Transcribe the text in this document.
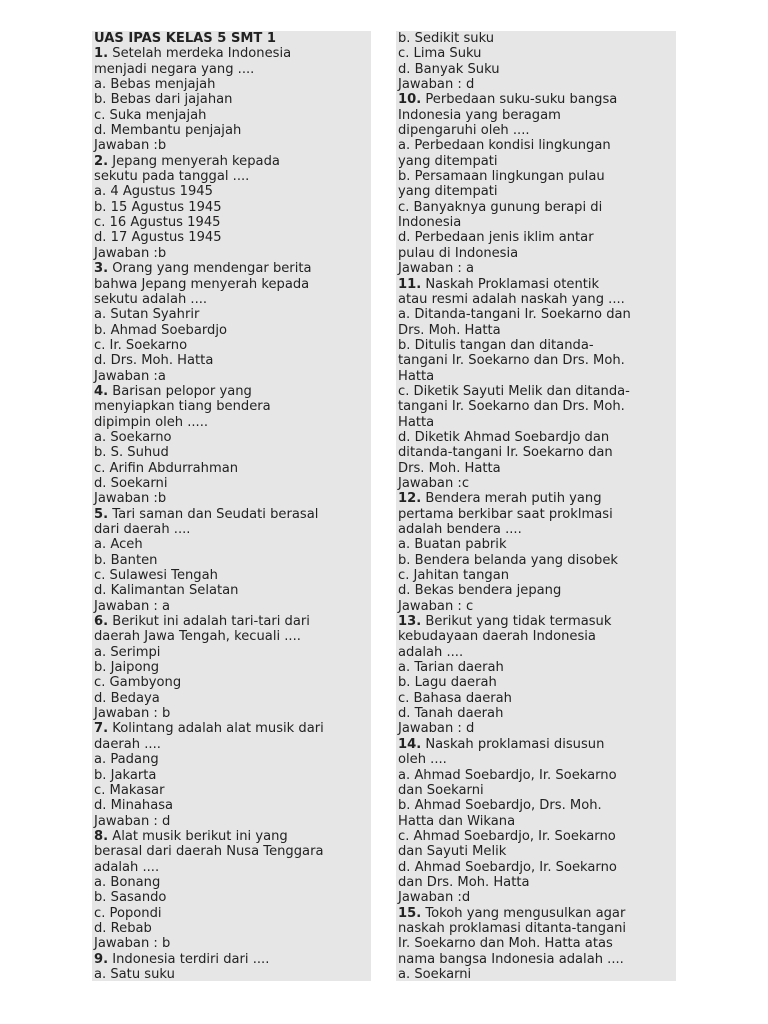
UAS IPAS KELAS 5 SMT 1
1. Setelah merdeka Indonesia
menjadi negara yang ....
a. Bebas menjajah
b. Bebas dari jajahan
c. Suka menjajah
d. Membantu penjajah
Jawaban :b
2. Jepang menyerah kepada
sekutu pada tanggal ....
a. 4 Agustus 1945
b. 15 Agustus 1945
c. 16 Agustus 1945
d. 17 Agustus 1945
Jawaban :b
3. Orang yang mendengar berita
bahwa Jepang menyerah kepada
sekutu adalah ....
a. Sutan Syahrir
b. Ahmad Soebardjo
c. Ir. Soekarno
d. Drs. Moh. Hatta
Jawaban :a
4. Barisan pelopor yang
menyiapkan tiang bendera
dipimpin oleh .....
a. Soekarno
b. S. Suhud
c. Arifin Abdurrahman
d. Soekarni
Jawaban :b
5. Tari saman dan Seudati berasal
dari daerah ....
a. Aceh
b. Banten
c. Sulawesi Tengah
d. Kalimantan Selatan
Jawaban : a
6. Berikut ini adalah tari-tari dari
daerah Jawa Tengah, kecuali ....
a. Serimpi
b. Jaipong
c. Gambyong
d. Bedaya
Jawaban : b
7. Kolintang adalah alat musik dari
daerah ....
a. Padang
b. Jakarta
c. Makasar
d. Minahasa
Jawaban : d
8. Alat musik berikut ini yang
berasal dari daerah Nusa Tenggara
adalah ....
a. Bonang
b. Sasando
c. Popondi
d. Rebab
Jawaban : b
9. Indonesia terdiri dari ....
a. Satu suku
b. Sedikit suku
c. Lima Suku
d. Banyak Suku
Jawaban : d
10. Perbedaan suku-suku bangsa
Indonesia yang beragam
dipengaruhi oleh ....
a. Perbedaan kondisi lingkungan
yang ditempati
b. Persamaan lingkungan pulau
yang ditempati
c. Banyaknya gunung berapi di
Indonesia
d. Perbedaan jenis iklim antar
pulau di Indonesia
Jawaban : a
11. Naskah Proklamasi otentik
atau resmi adalah naskah yang ....
a. Ditanda-tangani Ir. Soekarno dan
Drs. Moh. Hatta
b. Ditulis tangan dan ditanda-
tangani Ir. Soekarno dan Drs. Moh.
Hatta
c. Diketik Sayuti Melik dan ditanda-
tangani Ir. Soekarno dan Drs. Moh.
Hatta
d. Diketik Ahmad Soebardjo dan
ditanda-tangani Ir. Soekarno dan
Drs. Moh. Hatta
Jawaban :c
12. Bendera merah putih yang
pertama berkibar saat proklmasi
adalah bendera ....
a. Buatan pabrik
b. Bendera belanda yang disobek
c. Jahitan tangan
d. Bekas bendera jepang
Jawaban : c
13. Berikut yang tidak termasuk
kebudayaan daerah Indonesia
adalah ....
a. Tarian daerah
b. Lagu daerah
c. Bahasa daerah
d. Tanah daerah
Jawaban : d
14. Naskah proklamasi disusun
oleh ....
a. Ahmad Soebardjo, Ir. Soekarno
dan Soekarni
b. Ahmad Soebardjo, Drs. Moh.
Hatta dan Wikana
c. Ahmad Soebardjo, Ir. Soekarno
dan Sayuti Melik
d. Ahmad Soebardjo, Ir. Soekarno
dan Drs. Moh. Hatta
Jawaban :d
15. Tokoh yang mengusulkan agar
naskah proklamasi ditanta-tangani
Ir. Soekarno dan Moh. Hatta atas
nama bangsa Indonesia adalah ....
a. Soekarni
